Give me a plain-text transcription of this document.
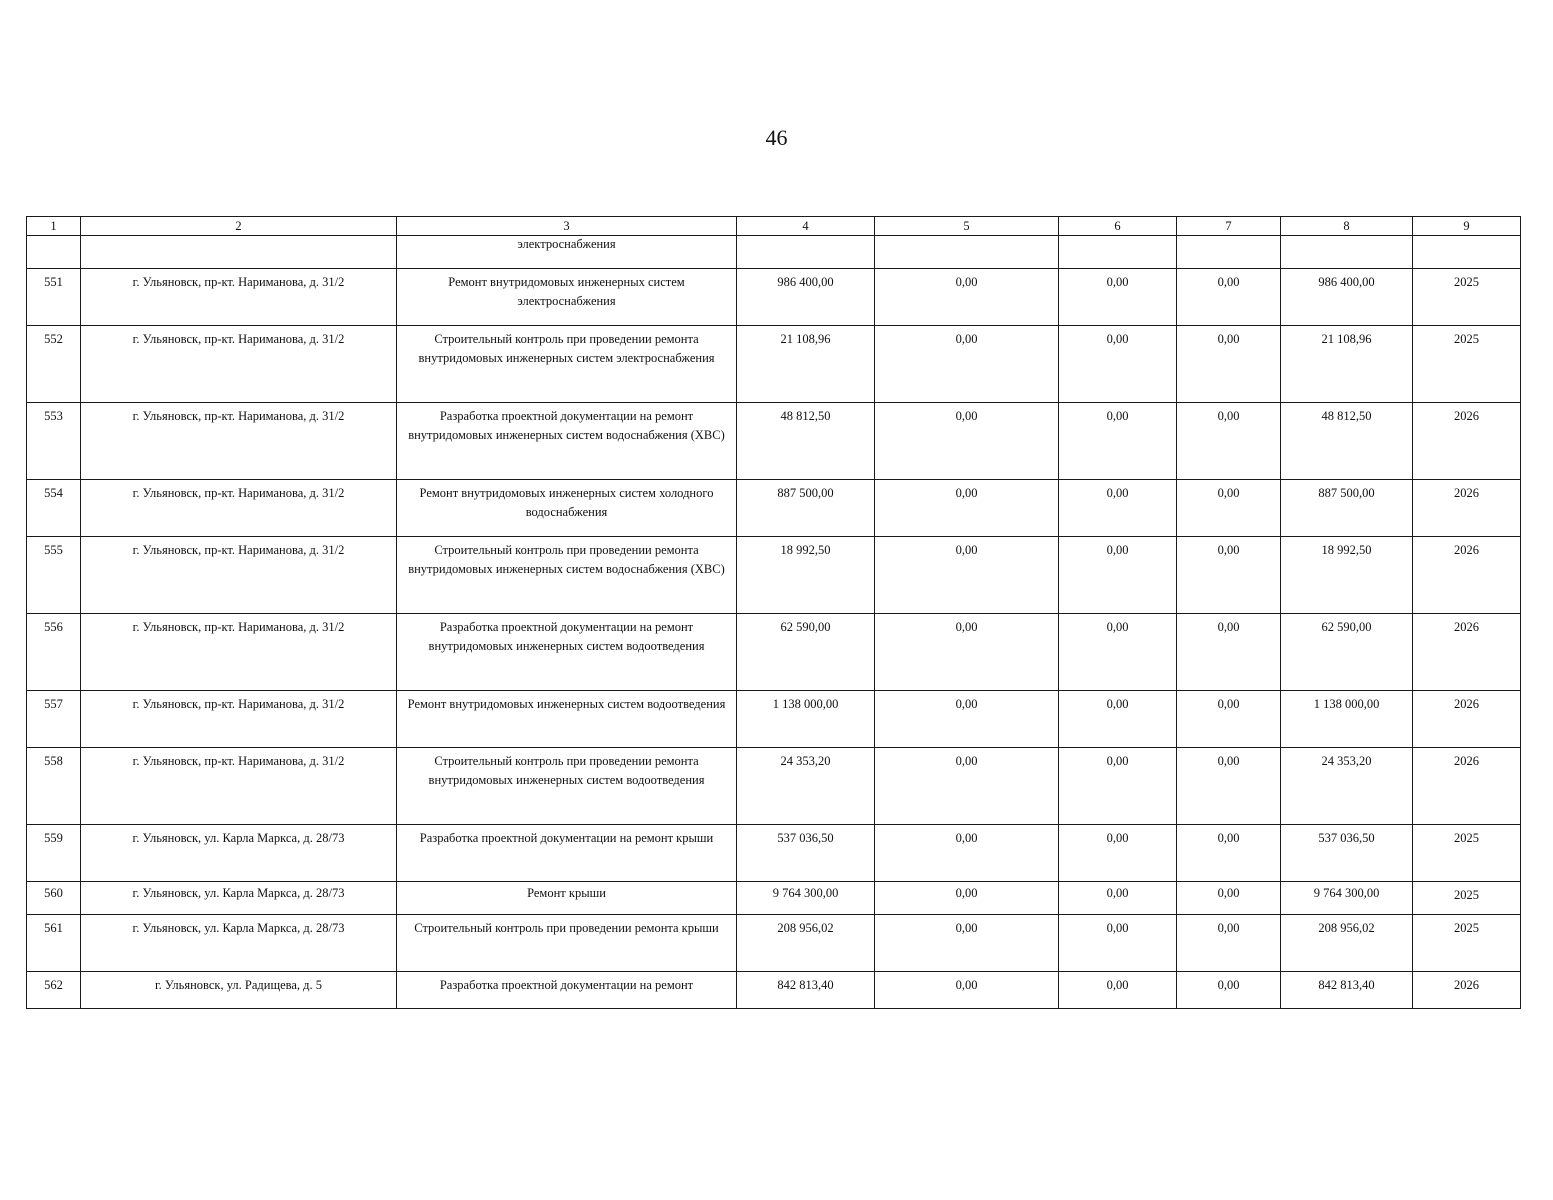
46
1	2	3	4	5	6	7	8	9
		электроснабжения						
551	г. Ульяновск, пр-кт. Нариманова, д. 31/2	Ремонт внутридомовых инженерных систем электроснабжения	986 400,00	0,00	0,00	0,00	986 400,00	2025
552	г. Ульяновск, пр-кт. Нариманова, д. 31/2	Строительный контроль при проведении ремонта внутридомовых инженерных систем электроснабжения	21 108,96	0,00	0,00	0,00	21 108,96	2025
553	г. Ульяновск, пр-кт. Нариманова, д. 31/2	Разработка проектной документации на ремонт внутридомовых инженерных систем водоснабжения (ХВС)	48 812,50	0,00	0,00	0,00	48 812,50	2026
554	г. Ульяновск, пр-кт. Нариманова, д. 31/2	Ремонт внутридомовых инженерных систем холодного водоснабжения	887 500,00	0,00	0,00	0,00	887 500,00	2026
555	г. Ульяновск, пр-кт. Нариманова, д. 31/2	Строительный контроль при проведении ремонта внутридомовых инженерных систем водоснабжения (ХВС)	18 992,50	0,00	0,00	0,00	18 992,50	2026
556	г. Ульяновск, пр-кт. Нариманова, д. 31/2	Разработка проектной документации на ремонт внутридомовых инженерных систем водоотведения	62 590,00	0,00	0,00	0,00	62 590,00	2026
557	г. Ульяновск, пр-кт. Нариманова, д. 31/2	Ремонт внутридомовых инженерных систем водоотведения	1 138 000,00	0,00	0,00	0,00	1 138 000,00	2026
558	г. Ульяновск, пр-кт. Нариманова, д. 31/2	Строительный контроль при проведении ремонта внутридомовых инженерных систем водоотведения	24 353,20	0,00	0,00	0,00	24 353,20	2026
559	г. Ульяновск, ул. Карла Маркса, д. 28/73	Разработка проектной документации на ремонт крыши	537 036,50	0,00	0,00	0,00	537 036,50	2025
560	г. Ульяновск, ул. Карла Маркса, д. 28/73	Ремонт крыши	9 764 300,00	0,00	0,00	0,00	9 764 300,00	2025
561	г. Ульяновск, ул. Карла Маркса, д. 28/73	Строительный контроль при проведении ремонта крыши	208 956,02	0,00	0,00	0,00	208 956,02	2025
562	г. Ульяновск, ул. Радищева, д. 5	Разработка проектной документации на ремонт	842 813,40	0,00	0,00	0,00	842 813,40	2026
